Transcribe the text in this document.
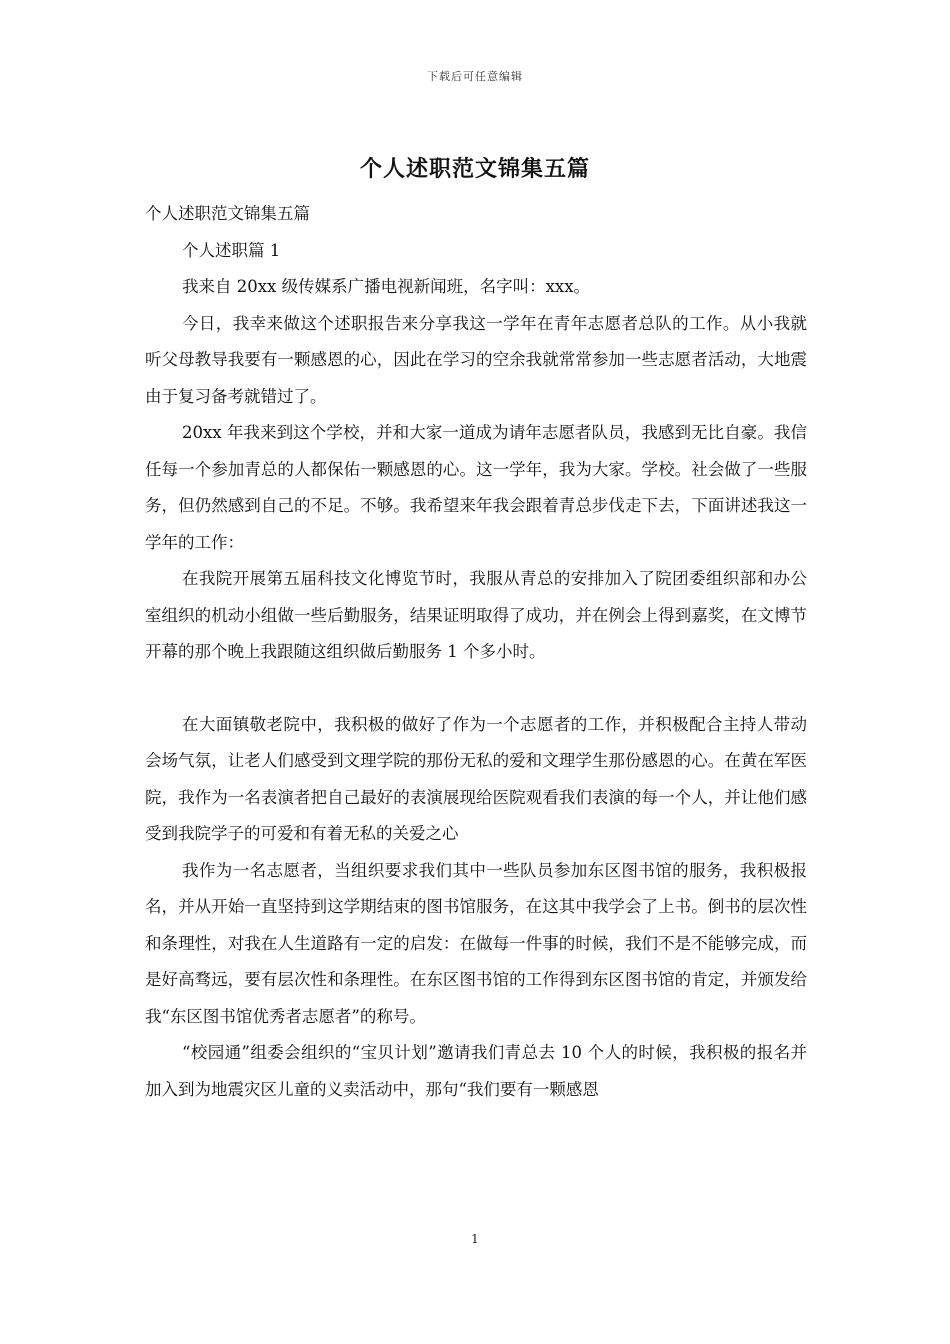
下载后可任意编辑
个人述职范文锦集五篇

个人述职范文锦集五篇

个人述职篇 1

我来自 20xx 级传媒系广播电视新闻班，名字叫：xxx。

今日，我幸来做这个述职报告来分享我这一学年在青年志愿者总队的工作。从小我就听父母教导我要有一颗感恩的心，因此在学习的空余我就常常参加一些志愿者活动，大地震由于复习备考就错过了。

20xx 年我来到这个学校，并和大家一道成为请年志愿者队员，我感到无比自豪。我信任每一个参加青总的人都保佑一颗感恩的心。这一学年，我为大家。学校。社会做了一些服务，但仍然感到自己的不足。不够。我希望来年我会跟着青总步伐走下去，下面讲述我这一学年的工作：

在我院开展第五届科技文化博览节时，我服从青总的安排加入了院团委组织部和办公室组织的机动小组做一些后勤服务，结果证明取得了成功，并在例会上得到嘉奖，在文博节开幕的那个晚上我跟随这组织做后勤服务 1 个多小时。

在大面镇敬老院中，我积极的做好了作为一个志愿者的工作，并积极配合主持人带动会场气氛，让老人们感受到文理学院的那份无私的爱和文理学生那份感恩的心。在黄在军医院，我作为一名表演者把自己最好的表演展现给医院观看我们表演的每一个人，并让他们感受到我院学子的可爱和有着无私的关爱之心

我作为一名志愿者，当组织要求我们其中一些队员参加东区图书馆的服务，我积极报名，并从开始一直坚持到这学期结束的图书馆服务，在这其中我学会了上书。倒书的层次性和条理性，对我在人生道路有一定的启发：在做每一件事的时候，我们不是不能够完成，而是好高骛远，要有层次性和条理性。在东区图书馆的工作得到东区图书馆的肯定，并颁发给我“东区图书馆优秀者志愿者”的称号。

“校园通”组委会组织的“宝贝计划”邀请我们青总去 10 个人的时候，我积极的报名并加入到为地震灾区儿童的义卖活动中，那句“我们要有一颗感恩

1
